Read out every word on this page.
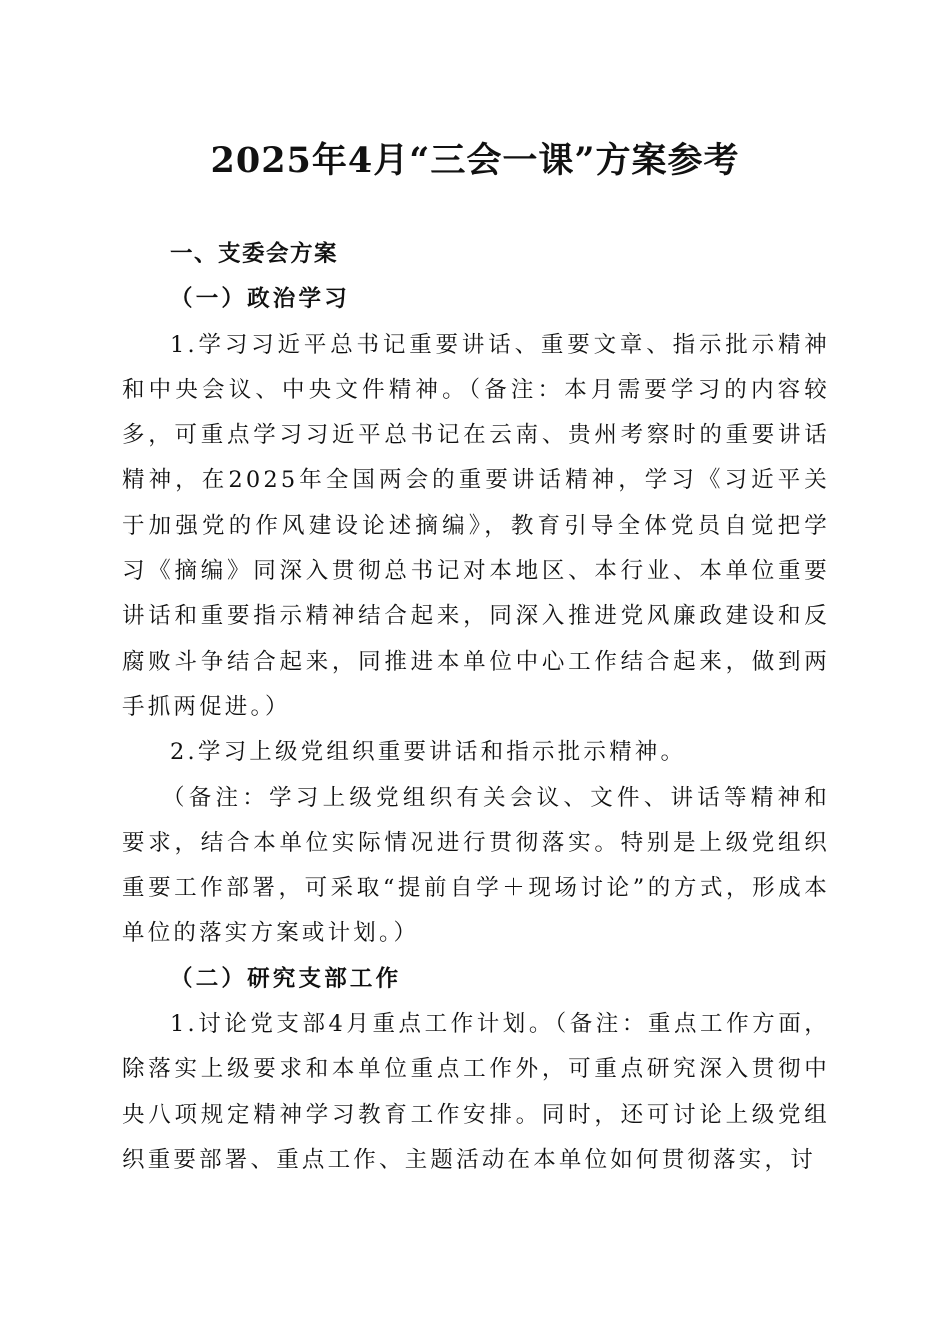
2025年4月“三会一课”方案参考

一、支委会方案

（一）政治学习

1.学习习近平总书记重要讲话、重要文章、指示批示精神和中央会议、中央文件精神。（备注：本月需要学习的内容较多，可重点学习习近平总书记在云南、贵州考察时的重要讲话精神，在2025年全国两会的重要讲话精神，学习《习近平关于加强党的作风建设论述摘编》，教育引导全体党员自觉把学习《摘编》同深入贯彻总书记对本地区、本行业、本单位重要讲话和重要指示精神结合起来，同深入推进党风廉政建设和反腐败斗争结合起来，同推进本单位中心工作结合起来，做到两手抓两促进。）

2.学习上级党组织重要讲话和指示批示精神。

（备注：学习上级党组织有关会议、文件、讲话等精神和要求，结合本单位实际情况进行贯彻落实。特别是上级党组织重要工作部署，可采取“提前自学＋现场讨论”的方式，形成本单位的落实方案或计划。）

（二）研究支部工作

1.讨论党支部4月重点工作计划。（备注：重点工作方面，除落实上级要求和本单位重点工作外，可重点研究深入贯彻中央八项规定精神学习教育工作安排。同时，还可讨论上级党组织重要部署、重点工作、主题活动在本单位如何贯彻落实，讨
